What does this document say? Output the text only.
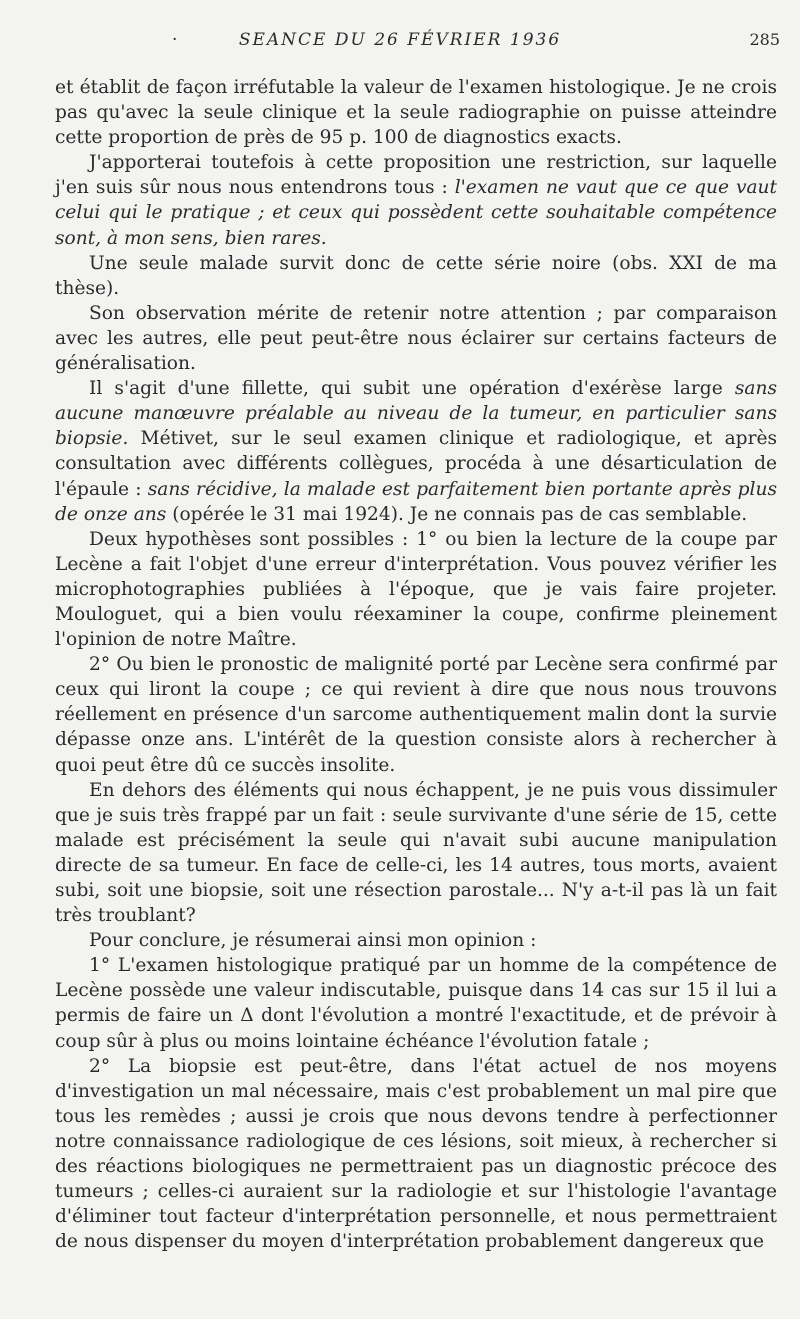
·	SEANCE DU 26 FÉVRIER 1936	285

et établit de façon irréfutable la valeur de l'examen histologique. Je ne crois pas qu'avec la seule clinique et la seule radiographie on puisse atteindre cette proportion de près de 95 p. 100 de diagnostics exacts.

J'apporterai toutefois à cette proposition une restriction, sur laquelle j'en suis sûr nous nous entendrons tous : l'examen ne vaut que ce que vaut celui qui le pratique ; et ceux qui possèdent cette souhaitable compétence sont, à mon sens, bien rares.

Une seule malade survit donc de cette série noire (obs. XXI de ma thèse).

Son observation mérite de retenir notre attention ; par comparaison avec les autres, elle peut peut-être nous éclairer sur certains facteurs de généralisation.

Il s'agit d'une fillette, qui subit une opération d'exérèse large sans aucune manœuvre préalable au niveau de la tumeur, en particulier sans biopsie. Métivet, sur le seul examen clinique et radiologique, et après consultation avec différents collègues, procéda à une désarticulation de l'épaule : sans récidive, la malade est parfaitement bien portante après plus de onze ans (opérée le 31 mai 1924). Je ne connais pas de cas semblable.

Deux hypothèses sont possibles : 1° ou bien la lecture de la coupe par Lecène a fait l'objet d'une erreur d'interprétation. Vous pouvez vérifier les microphotographies publiées à l'époque, que je vais faire projeter. Mouloguet, qui a bien voulu réexaminer la coupe, confirme pleinement l'opinion de notre Maître.

2° Ou bien le pronostic de malignité porté par Lecène sera confirmé par ceux qui liront la coupe ; ce qui revient à dire que nous nous trouvons réellement en présence d'un sarcome authentiquement malin dont la survie dépasse onze ans. L'intérêt de la question consiste alors à rechercher à quoi peut être dû ce succès insolite.

En dehors des éléments qui nous échappent, je ne puis vous dissimuler que je suis très frappé par un fait : seule survivante d'une série de 15, cette malade est précisément la seule qui n'avait subi aucune manipulation directe de sa tumeur. En face de celle-ci, les 14 autres, tous morts, avaient subi, soit une biopsie, soit une résection parostale... N'y a-t-il pas là un fait très troublant?

Pour conclure, je résumerai ainsi mon opinion :

1° L'examen histologique pratiqué par un homme de la compétence de Lecène possède une valeur indiscutable, puisque dans 14 cas sur 15 il lui a permis de faire un Δ dont l'évolution a montré l'exactitude, et de prévoir à coup sûr à plus ou moins lointaine échéance l'évolution fatale ;

2° La biopsie est peut-être, dans l'état actuel de nos moyens d'investigation un mal nécessaire, mais c'est probablement un mal pire que tous les remèdes ; aussi je crois que nous devons tendre à perfectionner notre connaissance radiologique de ces lésions, soit mieux, à rechercher si des réactions biologiques ne permettraient pas un diagnostic précoce des tumeurs ; celles-ci auraient sur la radiologie et sur l'histologie l'avantage d'éliminer tout facteur d'interprétation personnelle, et nous permettraient de nous dispenser du moyen d'interprétation probablement dangereux que
